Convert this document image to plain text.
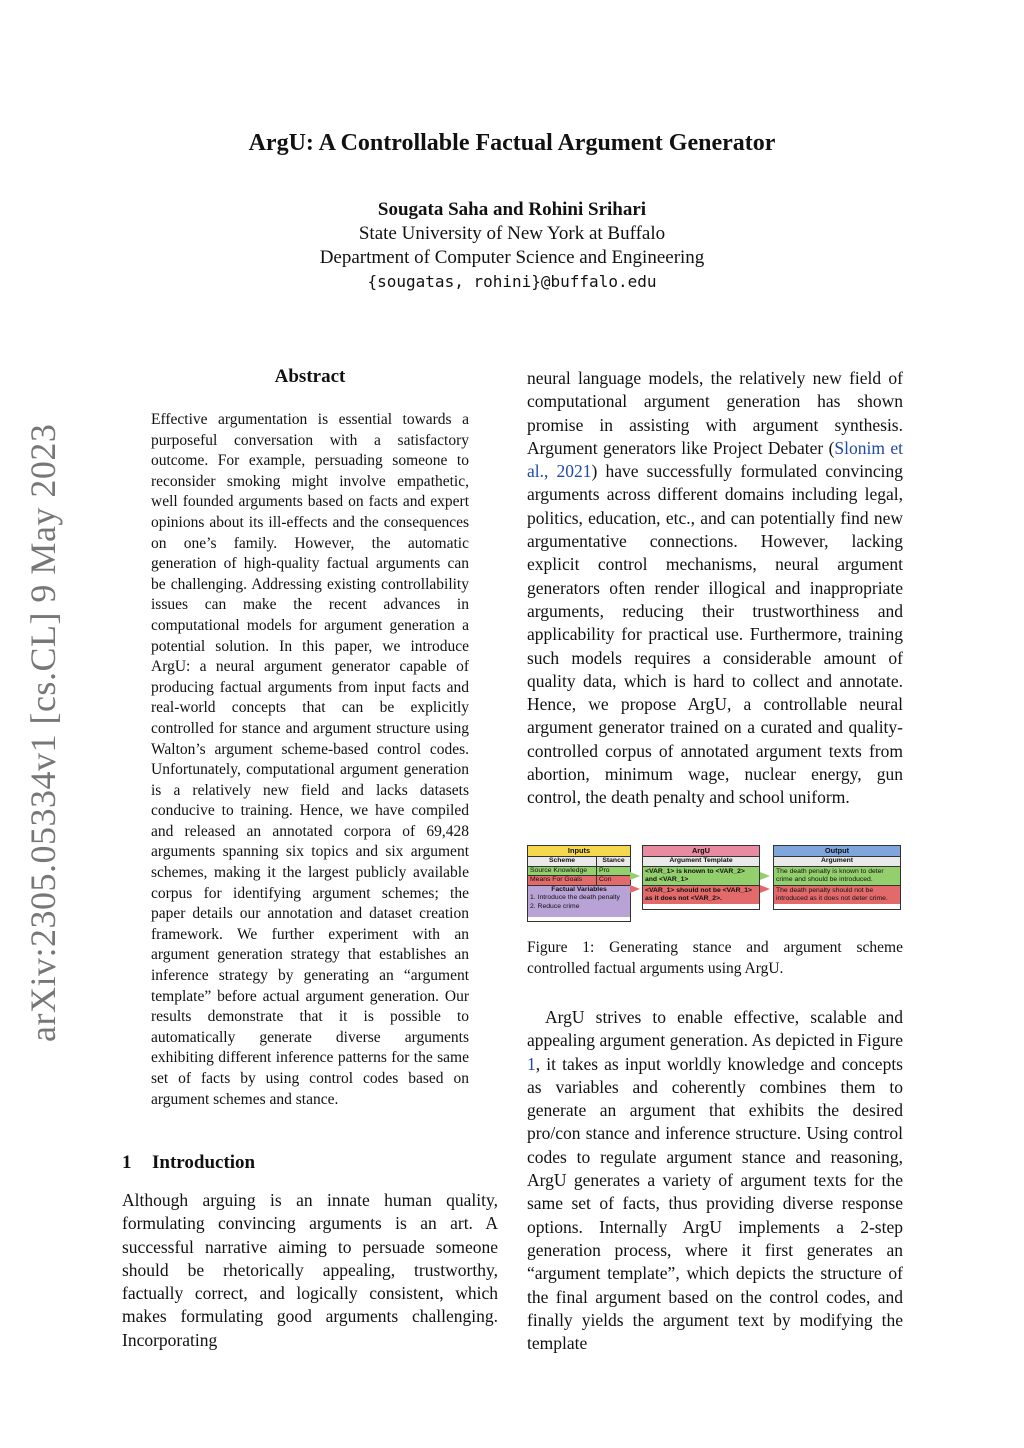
arXiv:2305.05334v1 [cs.CL] 9 May 2023
ArgU: A Controllable Factual Argument Generator
Sougata Saha and Rohini Srihari
State University of New York at Buffalo
Department of Computer Science and Engineering
{sougatas, rohini}@buffalo.edu
Abstract
Effective argumentation is essential towards a purposeful conversation with a satisfactory outcome. For example, persuading someone to reconsider smoking might involve empathetic, well founded arguments based on facts and expert opinions about its ill-effects and the consequences on one’s family. However, the automatic generation of high-quality factual arguments can be challenging. Addressing existing controllability issues can make the recent advances in computational models for argument generation a potential solution. In this paper, we introduce ArgU: a neural argument generator capable of producing factual arguments from input facts and real-world concepts that can be explicitly controlled for stance and argument structure using Walton’s argument scheme-based control codes. Unfortunately, computational argument generation is a relatively new field and lacks datasets conducive to training. Hence, we have compiled and released an annotated corpora of 69,428 arguments spanning six topics and six argument schemes, making it the largest publicly available corpus for identifying argument schemes; the paper details our annotation and dataset creation framework. We further experiment with an argument generation strategy that establishes an inference strategy by generating an “argument template” before actual argument generation. Our results demonstrate that it is possible to automatically generate diverse arguments exhibiting different inference patterns for the same set of facts by using control codes based on argument schemes and stance.
1 Introduction
Although arguing is an innate human quality, formulating convincing arguments is an art. A successful narrative aiming to persuade someone should be rhetorically appealing, trustworthy, factually correct, and logically consistent, which makes formulating good arguments challenging. Incorporating
neural language models, the relatively new field of computational argument generation has shown promise in assisting with argument synthesis. Argument generators like Project Debater (Slonim et al., 2021) have successfully formulated convincing arguments across different domains including legal, politics, education, etc., and can potentially find new argumentative connections. However, lacking explicit control mechanisms, neural argument generators often render illogical and inappropriate arguments, reducing their trustworthiness and applicability for practical use. Furthermore, training such models requires a considerable amount of quality data, which is hard to collect and annotate. Hence, we propose ArgU, a controllable neural argument generator trained on a curated and quality-controlled corpus of annotated argument texts from abortion, minimum wage, nuclear energy, gun control, the death penalty and school uniform.
Inputs
Scheme	Stance
Source Knowledge	Pro
Means For Goals	Con
Factual Variables
1. Introduce the death penalty
2. Reduce crime
ArgU
Argument Template
<VAR_1> is known to <VAR_2> and <VAR_1>
<VAR_1> should not be <VAR_1> as it does not <VAR_2>.
Output
Argument
The death penalty is known to deter crime and should be introduced.
The death penalty should not be introduced as it does not deter crime.
Figure 1: Generating stance and argument scheme controlled factual arguments using ArgU.
ArgU strives to enable effective, scalable and appealing argument generation. As depicted in Figure 1, it takes as input worldly knowledge and concepts as variables and coherently combines them to generate an argument that exhibits the desired pro/con stance and inference structure. Using control codes to regulate argument stance and reasoning, ArgU generates a variety of argument texts for the same set of facts, thus providing diverse response options. Internally ArgU implements a 2-step generation process, where it first generates an “argument template”, which depicts the structure of the final argument based on the control codes, and finally yields the argument text by modifying the template
